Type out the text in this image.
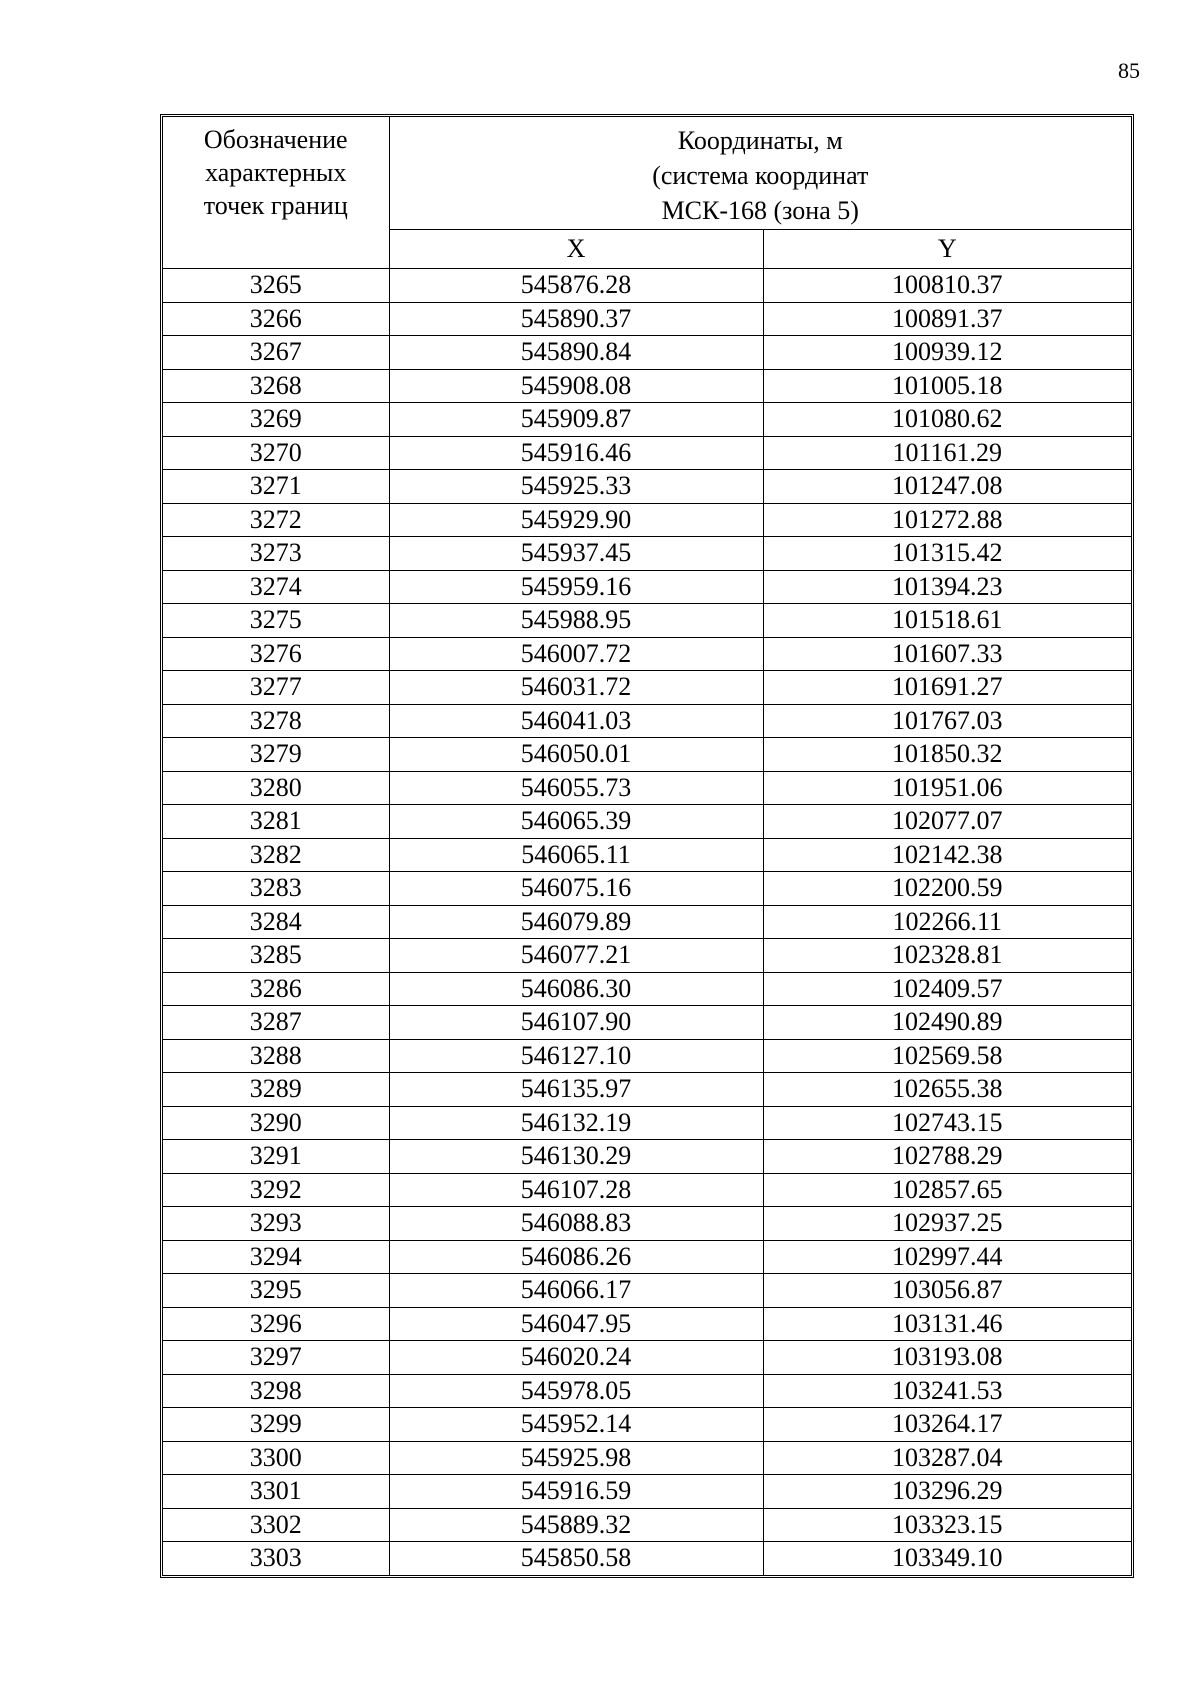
85
Обозначение
характерных
точек границ	Координаты, м
(система координат
МСК-168 (зона 5)	
	X	Y
3265	545876.28	100810.37
3266	545890.37	100891.37
3267	545890.84	100939.12
3268	545908.08	101005.18
3269	545909.87	101080.62
3270	545916.46	101161.29
3271	545925.33	101247.08
3272	545929.90	101272.88
3273	545937.45	101315.42
3274	545959.16	101394.23
3275	545988.95	101518.61
3276	546007.72	101607.33
3277	546031.72	101691.27
3278	546041.03	101767.03
3279	546050.01	101850.32
3280	546055.73	101951.06
3281	546065.39	102077.07
3282	546065.11	102142.38
3283	546075.16	102200.59
3284	546079.89	102266.11
3285	546077.21	102328.81
3286	546086.30	102409.57
3287	546107.90	102490.89
3288	546127.10	102569.58
3289	546135.97	102655.38
3290	546132.19	102743.15
3291	546130.29	102788.29
3292	546107.28	102857.65
3293	546088.83	102937.25
3294	546086.26	102997.44
3295	546066.17	103056.87
3296	546047.95	103131.46
3297	546020.24	103193.08
3298	545978.05	103241.53
3299	545952.14	103264.17
3300	545925.98	103287.04
3301	545916.59	103296.29
3302	545889.32	103323.15
3303	545850.58	103349.10
